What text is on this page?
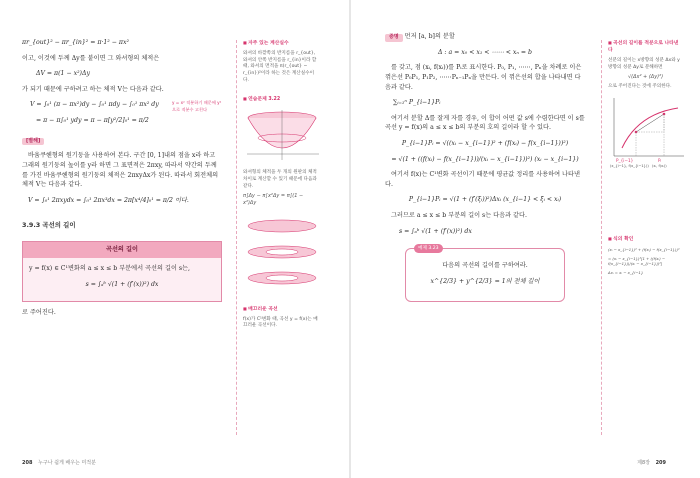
πr_{out}² − πr_{in}² = π·1² − πx²

이고, 이것에 두께 Δy를 붙이면 그 와셔형의 체적은

ΔV = π(1 − x²)Δy

가 되기 때문에 구하려고 하는 체적 V는 다음과 같다.

V = ∫₀¹ (π − πx²)dy − ∫₀¹ πdy − ∫₀¹ πx² dy
= π − π∫₀¹ ydy = π − π[y²/2]₀¹ = π/2
y = x² 적분하기 때문에 y²으로 적분수 고친다
[별해]

바움쿠헨형의 원기둥을 사용하여 본다. 구간 [0, 1]내의 점을 x라 하고 그래의 원기둥의 높이를 y라 하면 그 표면적은 2πxy, 따라서 약간의 두께를 가진 바움쿠헨형의 원기둥의 체적은 2πxyΔx가 된다. 따라서 회전체의 체적 V는 다음과 같다.

V = ∫₀¹ 2πxydx = ∫₀¹ 2πx³dx = 2π[x⁴/4]₀¹ = π/2 이다.
3.9.3 곡선의 길이
곡선의 길이

y = f(x) ∈ C¹변화의 a ≤ x ≤ b 부분에서 곡선의 길이 s는,

s = ∫ₐᵇ √(1 + (f′(x))²) dx

로 주어진다.

■ 자주 있는 계산실수

와셔의 바깥쪽의 반지름을 r_{out}, 와셔의 안쪽 반지름을 r_{in}이라 할 때, 와셔의 면적을 π(r_{out} − r_{in})²이라 하는 것은 계산실수이다.

■ 연습문제 3.22

와셔형의 체적을 두 개의 원판의 체적 차이로 계산할 수 있기 때문에 다음과 같다.

π∫Δy − π∫x²Δy = π∫(1 − x²)Δy

■ 매끄러운 곡선

f(x)가 C¹변화 때, 곡선 y = f(x)는 매끄러운 곡선이다.

208 누구나 쉽게 배우는 미적분

증명 먼저 [a, b]의 분할

Δ : a = x₀ < x₁ < ⋯⋯ < xₙ = b

를 갖고, 점 (xᵢ, f(xᵢ))를 Pᵢ로 표시한다. P₀, P₁, ⋯⋯, Pₙ을 차례로 이은 꺾은선 P₀P₁, P₁P₂, ⋯⋯Pₙ₋₁Pₙ을 만든다. 이 꺾은선의 합을 나타내면 다음과 같다.

∑ᵢ₌₁ⁿ P_{i−1}Pᵢ

여기서 분할 Δ를 잘게 자를 경우, 이 합이 어떤 값 s에 수렴한다면 이 s를 곡선 y = f(x)의 a ≤ x ≤ b의 부분의 호의 길이라 할 수 있다.

P_{i−1}Pᵢ = √((xᵢ − x_{i−1})² + (f(xᵢ) − f(x_{i−1}))²)
= √(1 + ((f(xᵢ) − f(x_{i−1}))/(xᵢ − x_{i−1}))²) (xᵢ − x_{i−1})

여기서 f(x)는 C¹변화 곡선이기 때문에 평균값 정리를 사용하여 나타낸다.

P_{i−1}Pᵢ = √(1 + (f′(ξᵢ))²)Δxᵢ (x_{i−1} < ξᵢ < xᵢ)

그러므로 a ≤ x ≤ b 부분의 길이 s는 다음과 같다.

s = ∫ₐᵇ √(1 + (f′(x))²) dx
예제 3.23

다음의 곡선의 길이를 구하여라.

x^{2/3} + y^{2/3} = 1의 전체 길이

■ 곡선의 길이를 적분으로 나타낸다

선분의 길이는 x방향의 성분 Δx와 y방향의 성분 Δy로 분해하면

√(Δx² + (Δy)²)

으로 주어진다는 것에 주의한다.

P_{i−1}
(x_{i−1}, f(x_{i−1}))
Pᵢ
(xᵢ, f(xᵢ))
■ 식의 확인

(xᵢ − x_{i−1})² + (f(xᵢ) − f(x_{i−1}))²

= (xᵢ − x_{i−1})²[1 + ((f(xᵢ) − f(x_{i−1}))/(xᵢ − x_{i−1}))²]

Δxᵢ = xᵢ − x_{i−1}

제8장 209
